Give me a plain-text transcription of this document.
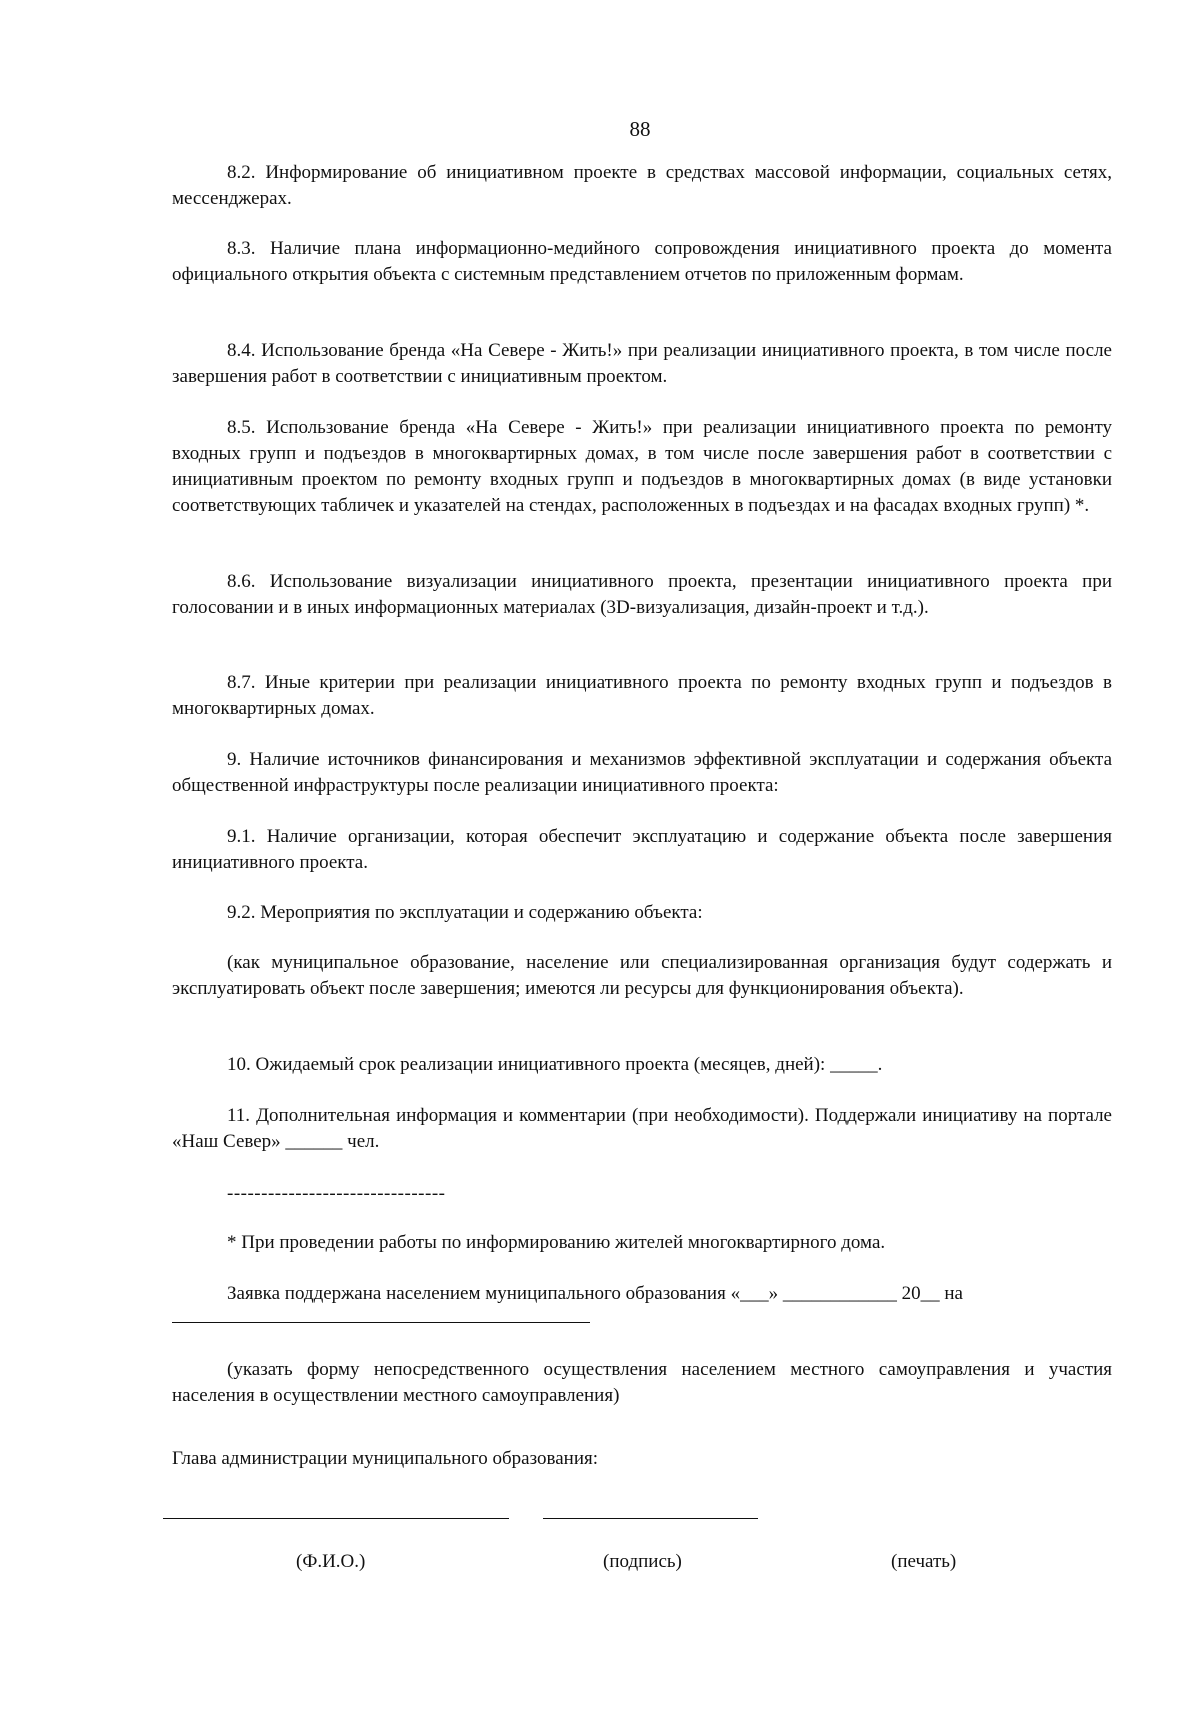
88

8.2. Информирование об инициативном проекте в средствах массовой информации, социальных сетях, мессенджерах.

8.3. Наличие плана информационно-медийного сопровождения инициативного проекта до момента официального открытия объекта с системным представлением отчетов по приложенным формам.

8.4. Использование бренда «На Севере - Жить!» при реализации инициативного проекта, в том числе после завершения работ в соответствии с инициативным проектом.

8.5. Использование бренда «На Севере - Жить!» при реализации инициативного проекта по ремонту входных групп и подъездов в многоквартирных домах, в том числе после завершения работ в соответствии с инициативным проектом по ремонту входных групп и подъездов в многоквартирных домах (в виде установки соответствующих табличек и указателей на стендах, расположенных в подъездах и на фасадах входных групп) *.

8.6. Использование визуализации инициативного проекта, презентации инициативного проекта при голосовании и в иных информационных материалах (3D-визуализация, дизайн-проект и т.д.).

8.7. Иные критерии при реализации инициативного проекта по ремонту входных групп и подъездов в многоквартирных домах.

9. Наличие источников финансирования и механизмов эффективной эксплуатации и содержания объекта общественной инфраструктуры после реализации инициативного проекта:

9.1. Наличие организации, которая обеспечит эксплуатацию и содержание объекта после завершения инициативного проекта.

9.2. Мероприятия по эксплуатации и содержанию объекта:

(как муниципальное образование, население или специализированная организация будут содержать и эксплуатировать объект после завершения; имеются ли ресурсы для функционирования объекта).

10. Ожидаемый срок реализации инициативного проекта (месяцев, дней): _____.

11. Дополнительная информация и комментарии (при необходимости). Поддержали инициативу на портале «Наш Север» ______ чел.

--------------------------------

* При проведении работы по информированию жителей многоквартирного дома.

Заявка поддержана населением муниципального образования «___» ____________ 20__ на

(указать форму непосредственного осуществления населением местного самоуправления и участия населения в осуществлении местного самоуправления)

Глава администрации муниципального образования:

(Ф.И.О.)	(подпись)	(печать)
